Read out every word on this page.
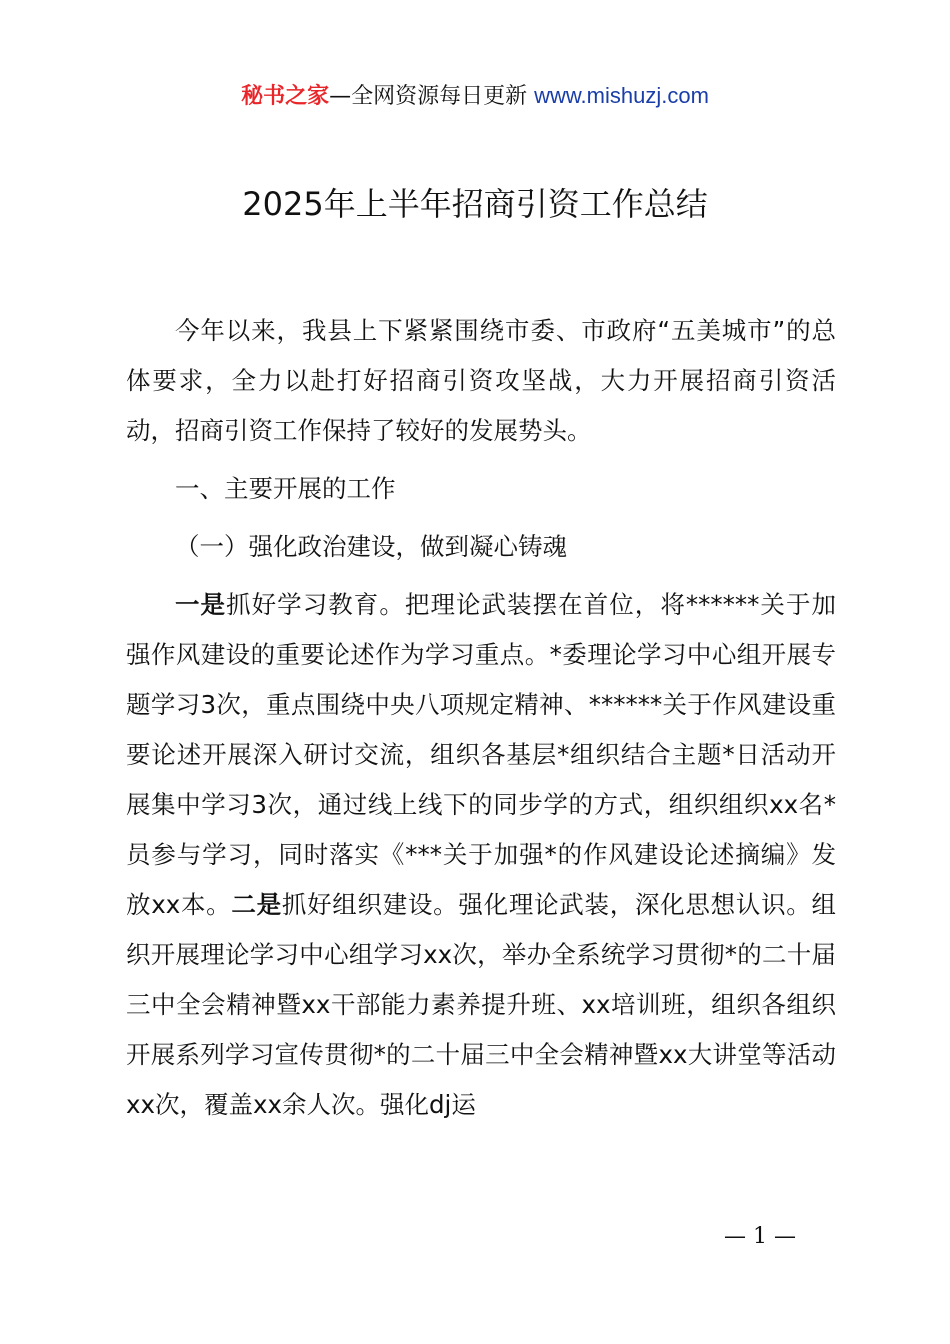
秘书之家—全网资源每日更新 www.mishuzj.com
2025年上半年招商引资工作总结

今年以来，我县上下紧紧围绕市委、市政府“五美城市”的总体要求，全力以赴打好招商引资攻坚战，大力开展招商引资活动，招商引资工作保持了较好的发展势头。

一、主要开展的工作

（一）强化政治建设，做到凝心铸魂

一是抓好学习教育。把理论武装摆在首位，将******关于加强作风建设的重要论述作为学习重点。*委理论学习中心组开展专题学习3次，重点围绕中央八项规定精神、******关于作风建设重要论述开展深入研讨交流，组织各基层*组织结合主题*日活动开展集中学习3次，通过线上线下的同步学的方式，组织组织xx名*员参与学习，同时落实《***关于加强*的作风建设论述摘编》发放xx本。二是抓好组织建设。强化理论武装，深化思想认识。组织开展理论学习中心组学习xx次，举办全系统学习贯彻*的二十届三中全会精神暨xx干部能力素养提升班、xx培训班，组织各组织开展系列学习宣传贯彻*的二十届三中全会精神暨xx大讲堂等活动xx次，覆盖xx余人次。强化dj运

— 1 —
